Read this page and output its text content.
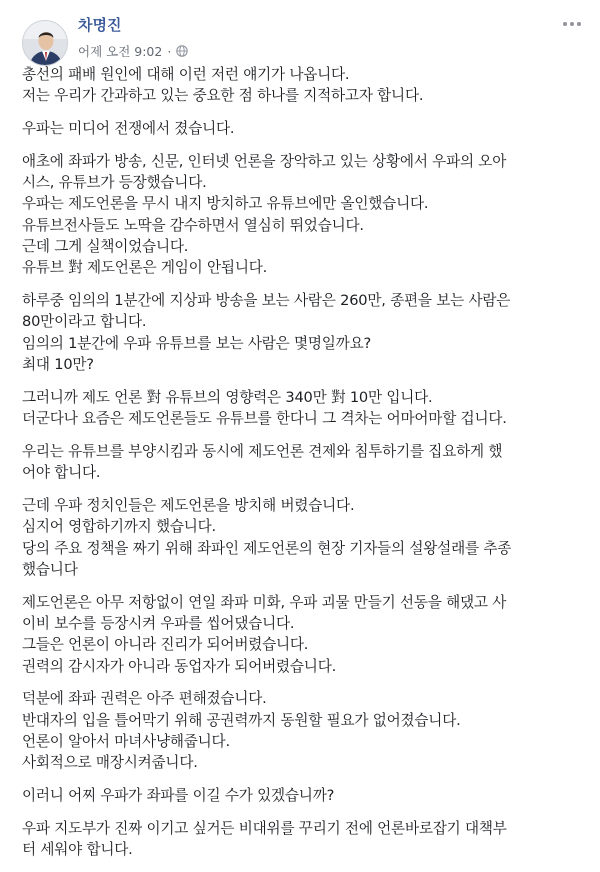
차명진
어제 오전 9:02 ·
총선의 패배 원인에 대해 이런 저런 얘기가 나옵니다.
저는 우리가 간과하고 있는 중요한 점 하나를 지적하고자 합니다.
우파는 미디어 전쟁에서 졌습니다.
애초에 좌파가 방송, 신문, 인터넷 언론을 장악하고 있는 상황에서 우파의 오아
시스, 유튜브가 등장했습니다.
우파는 제도언론을 무시 내지 방치하고 유튜브에만 올인했습니다.
유튜브전사들도 노딱을 감수하면서 열심히 뛰었습니다.
근데 그게 실책이었습니다.
유튜브 對 제도언론은 게임이 안됩니다.
하루중 임의의 1분간에 지상파 방송을 보는 사람은 260만, 종편을 보는 사람은
80만이라고 합니다.
임의의 1분간에 우파 유튜브를 보는 사람은 몇명일까요?
최대 10만?
그러니까 제도 언론 對 유튜브의 영향력은 340만 對 10만 입니다.
더군다나 요즘은 제도언론들도 유튜브를 한다니 그 격차는 어마어마할 겁니다.
우리는 유튜브를 부양시킴과 동시에 제도언론 견제와 침투하기를 집요하게 했
어야 합니다.
근데 우파 정치인들은 제도언론을 방치해 버렸습니다.
심지어 영합하기까지 했습니다.
당의 주요 정책을 짜기 위해 좌파인 제도언론의 현장 기자들의 설왕설래를 추종
했습니다
제도언론은 아무 저항없이 연일 좌파 미화, 우파 괴물 만들기 선동을 해댔고 사
이비 보수를 등장시켜 우파를 씹어댔습니다.
그들은 언론이 아니라 진리가 되어버렸습니다.
권력의 감시자가 아니라 동업자가 되어버렸습니다.
덕분에 좌파 권력은 아주 편해졌습니다.
반대자의 입을 틀어막기 위해 공권력까지 동원할 필요가 없어졌습니다.
언론이 알아서 마녀사냥해줍니다.
사회적으로 매장시켜줍니다.
이러니 어찌 우파가 좌파를 이길 수가 있겠습니까?
우파 지도부가 진짜 이기고 싶거든 비대위를 꾸리기 전에 언론바로잡기 대책부
터 세워야 합니다.
